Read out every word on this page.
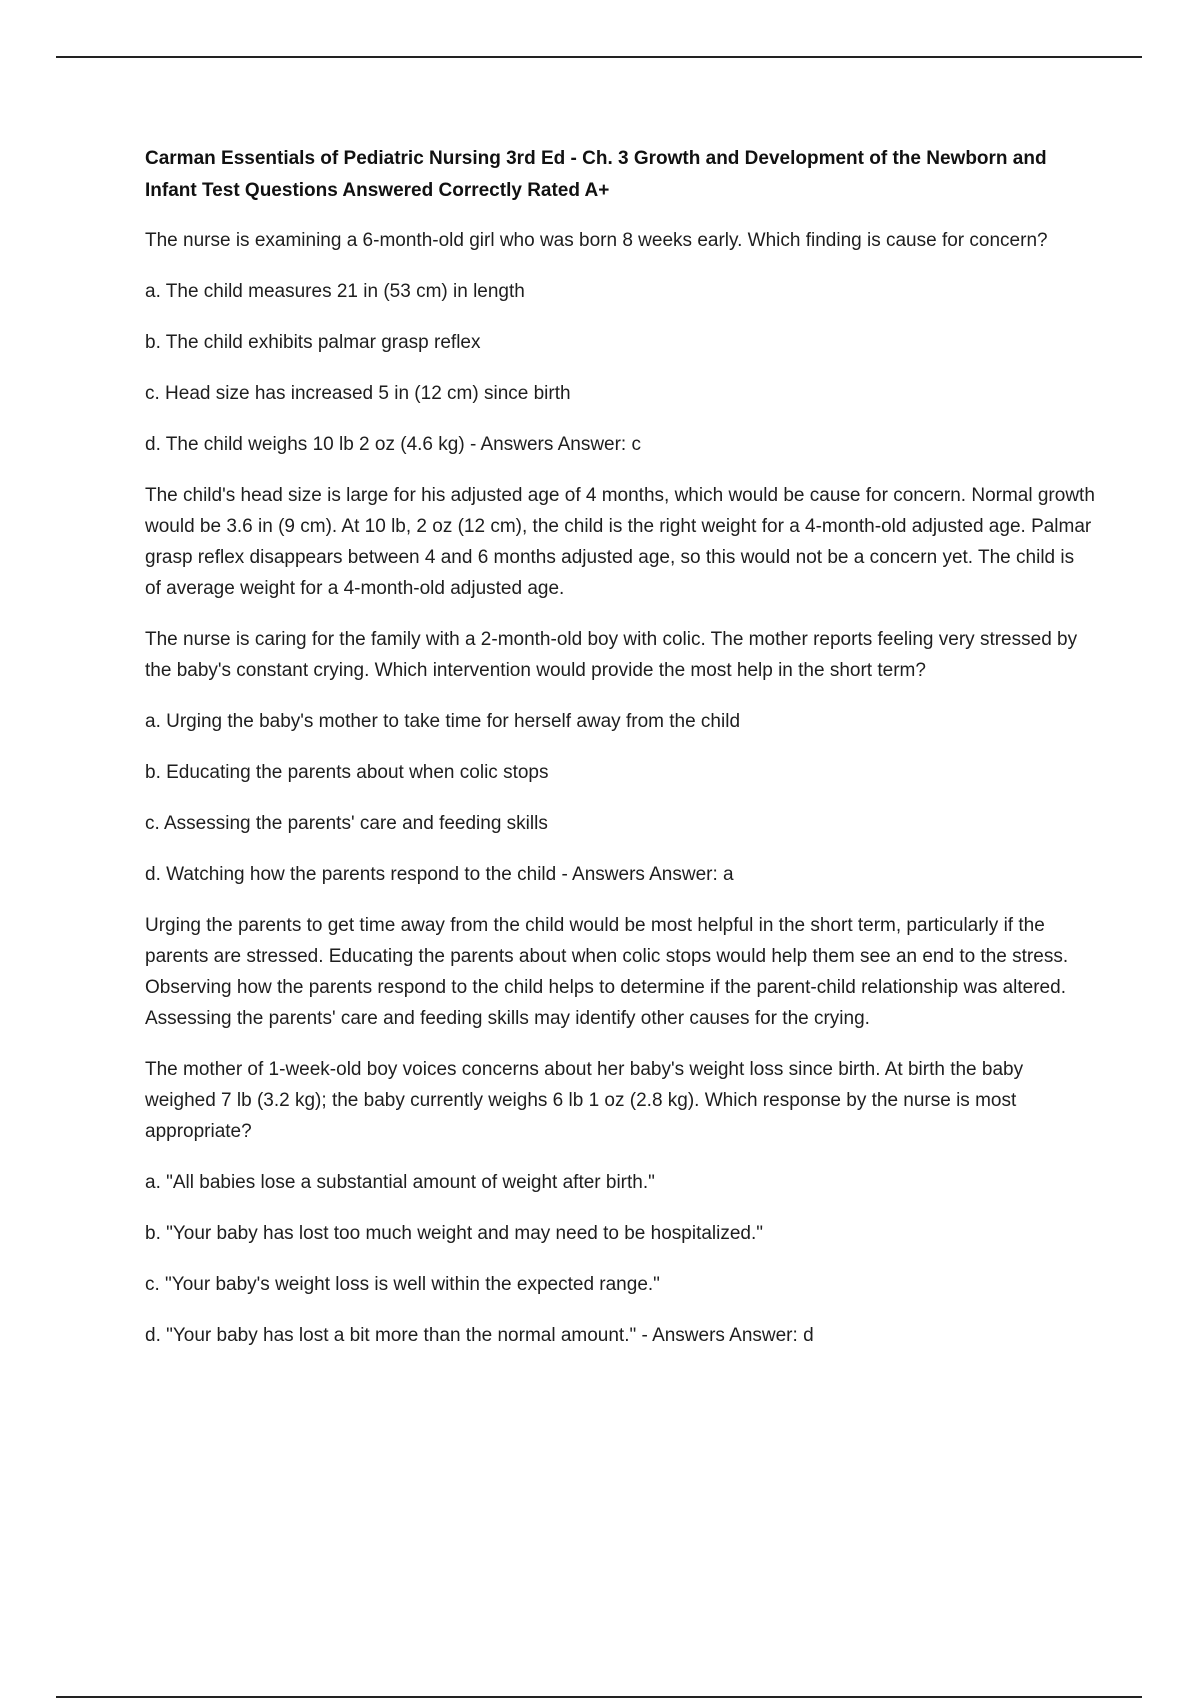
Carman Essentials of Pediatric Nursing 3rd Ed - Ch. 3 Growth and Development of the Newborn and Infant Test Questions Answered Correctly Rated A+

The nurse is examining a 6-month-old girl who was born 8 weeks early. Which finding is cause for concern?

a. The child measures 21 in (53 cm) in length

b. The child exhibits palmar grasp reflex

c. Head size has increased 5 in (12 cm) since birth

d. The child weighs 10 lb 2 oz (4.6 kg) - Answers Answer: c

The child's head size is large for his adjusted age of 4 months, which would be cause for concern. Normal growth would be 3.6 in (9 cm). At 10 lb, 2 oz (12 cm), the child is the right weight for a 4-month-old adjusted age. Palmar grasp reflex disappears between 4 and 6 months adjusted age, so this would not be a concern yet. The child is of average weight for a 4-month-old adjusted age.

The nurse is caring for the family with a 2-month-old boy with colic. The mother reports feeling very stressed by the baby's constant crying. Which intervention would provide the most help in the short term?

a. Urging the baby's mother to take time for herself away from the child

b. Educating the parents about when colic stops

c. Assessing the parents' care and feeding skills

d. Watching how the parents respond to the child - Answers Answer: a

Urging the parents to get time away from the child would be most helpful in the short term, particularly if the parents are stressed. Educating the parents about when colic stops would help them see an end to the stress. Observing how the parents respond to the child helps to determine if the parent-child relationship was altered. Assessing the parents' care and feeding skills may identify other causes for the crying.

The mother of 1-week-old boy voices concerns about her baby's weight loss since birth. At birth the baby weighed 7 lb (3.2 kg); the baby currently weighs 6 lb 1 oz (2.8 kg). Which response by the nurse is most appropriate?

a. "All babies lose a substantial amount of weight after birth."

b. "Your baby has lost too much weight and may need to be hospitalized."

c. "Your baby's weight loss is well within the expected range."

d. "Your baby has lost a bit more than the normal amount." - Answers Answer: d
